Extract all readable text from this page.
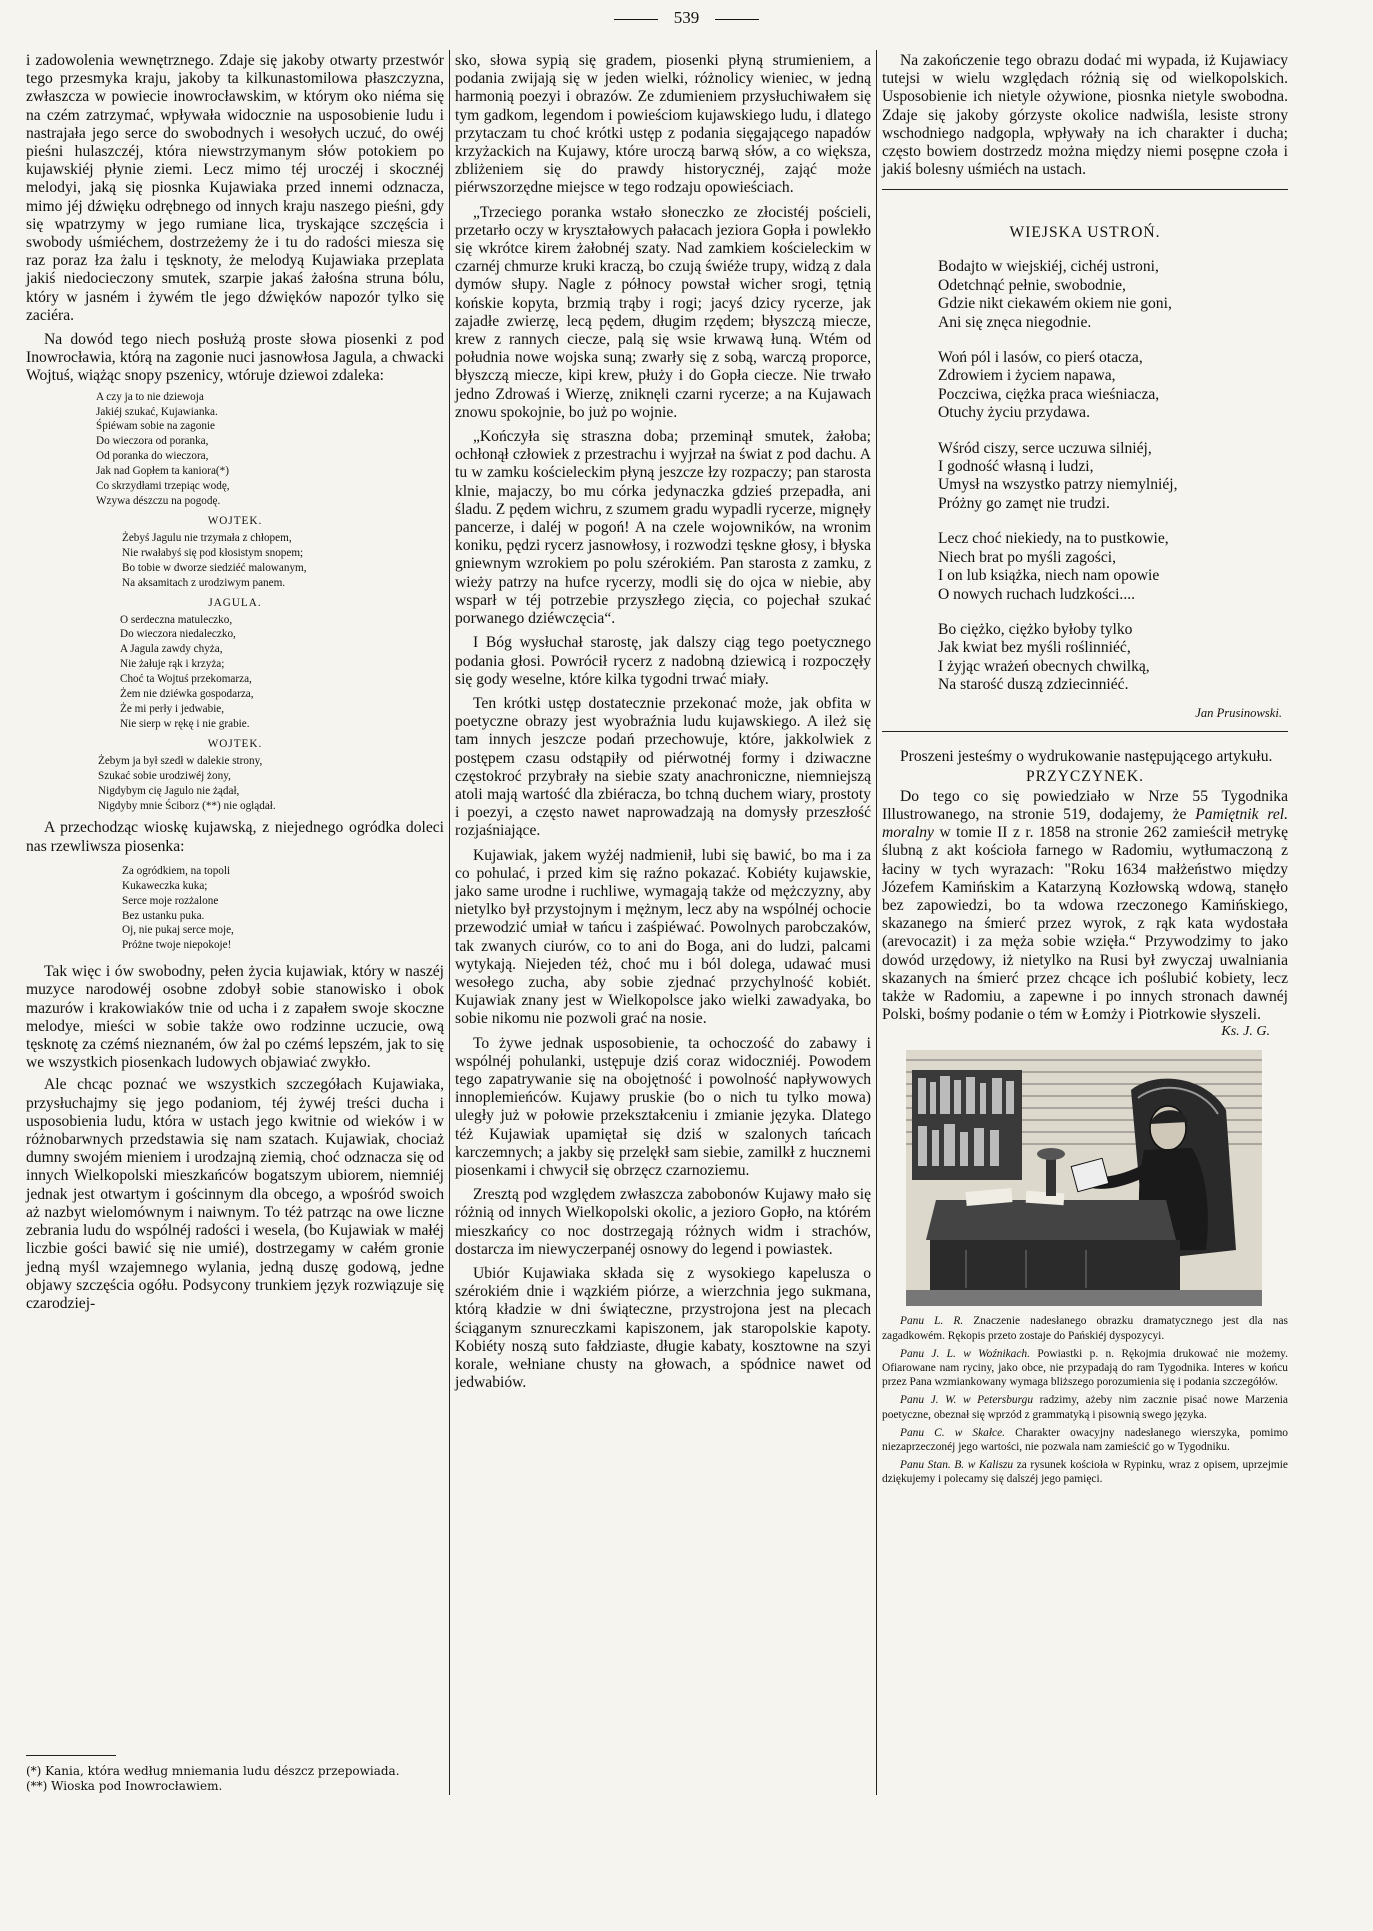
539

i zadowolenia wewnętrznego. Zdaje się jakoby otwarty przestwór tego przesmyka kraju, jakoby ta kilkunastomilowa płaszczyzna, zwłaszcza w powiecie inowrocławskim, w którym oko niéma się na czém zatrzymać, wpływała widocznie na usposobienie ludu i nastrajała jego serce do swobodnych i wesołych uczuć, do owéj pieśni hulaszczéj, która niewstrzymanym słów potokiem po kujawskiéj płynie ziemi. Lecz mimo téj uroczéj i skocznéj melodyi, jaką się piosnka Kujawiaka przed innemi odznacza, mimo jéj dźwięku odrębnego od innych kraju naszego pieśni, gdy się wpatrzymy w jego rumiane lica, tryskające szczęścia i swobody uśmiéchem, dostrzeżemy że i tu do radości miesza się raz poraz łza żalu i tęsknoty, że melodyą Kujawiaka przeplata jakiś niedocieczony smutek, szarpie jakaś żałośna struna bólu, który w jasném i żywém tle jego dźwięków napozór tylko się zaciéra.

Na dowód tego niech posłużą proste słowa piosenki z pod Inowrocławia, którą na zagonie nuci jasnowłosa Jagula, a chwacki Wojtuś, wiążąc snopy pszenicy, wtóruje dziewoi zdaleka:

A czy ja to nie dziewoja
Jakiéj szukać, Kujawianka.
Śpiéwam sobie na zagonie
Do wieczora od poranka,
Od poranka do wieczora,
Jak nad Gopłem ta kaniora(*)
Co skrzydłami trzepiąc wodę,
Wzywa dészczu na pogodę.
WOJTEK.
Żebyś Jagulu nie trzymała z chłopem,
Nie rwałabyś się pod kłosistym snopem;
Bo tobie w dworze siedziéć malowanym,
Na aksamitach z urodziwym panem.
JAGULA.
O serdeczna matuleczko,
Do wieczora niedaleczko,
A Jagula zawdy chyża,
Nie żałuje rąk i krzyża;
Choć ta Wojtuś przekomarza,
Żem nie dziéwka gospodarza,
Że mi perły i jedwabie,
Nie sierp w rękę i nie grabie.
WOJTEK.
Żebym ja był szedł w dalekie strony,
Szukać sobie urodziwéj żony,
Nigdybym cię Jagulo nie żądał,
Nigdyby mnie Ściborz (**) nie oglądał.

A przechodząc wioskę kujawską, z niejednego ogródka doleci nas rzewliwsza piosenka:

Za ogródkiem, na topoli
Kukaweczka kuka;
Serce moje rozżalone
Bez ustanku puka.
Oj, nie pukaj serce moje,
Próżne twoje niepokoje!

Tak więc i ów swobodny, pełen życia kujawiak, który w naszéj muzyce narodowéj osobne zdobył sobie stanowisko i obok mazurów i krakowiaków tnie od ucha i z zapałem swoje skoczne melodye, mieści w sobie także owo rodzinne uczucie, ową tęsknotę za czémś nieznaném, ów żal po czémś lepszém, jak to się we wszystkich piosenkach ludowych objawiać zwykło.

Ale chcąc poznać we wszystkich szczegółach Kujawiaka, przysłuchajmy się jego podaniom, téj żywéj treści ducha i usposobienia ludu, która w ustach jego kwitnie od wieków i w różnobarwnych przedstawia się nam szatach. Kujawiak, chociaż dumny swojém mieniem i urodzajną ziemią, choć odznacza się od innych Wielkopolski mieszkańców bogatszym ubiorem, niemniéj jednak jest otwartym i gościnnym dla obcego, a wpośród swoich aż nazbyt wielomównym i naiwnym. To téż patrząc na owe liczne zebrania ludu do wspólnéj radości i wesela, (bo Kujawiak w małéj liczbie gości bawić się nie umié), dostrzegamy w całém gronie jedną myśl wzajemnego wylania, jedną duszę godową, jedne objawy szczęścia ogółu. Podsycony trunkiem język rozwiązuje się czarodziej-

(*) Kania, która według mniemania ludu dészcz przepowiada.
(**) Wioska pod Inowrocławiem.

sko, słowa sypią się gradem, piosenki płyną strumieniem, a podania zwijają się w jeden wielki, różnolicy wieniec, w jedną harmonią poezyi i obrazów. Ze zdumieniem przysłuchiwałem się tym gadkom, legendom i powieściom kujawskiego ludu, i dlatego przytaczam tu choć krótki ustęp z podania sięgającego napadów krzyżackich na Kujawy, które uroczą barwą słów, a co większa, zbliżeniem się do prawdy historycznéj, zająć może piérwszorzędne miejsce w tego rodzaju opowieściach.

„Trzeciego poranka wstało słoneczko ze złocistéj pościeli, przetarło oczy w kryształowych pałacach jeziora Gopła i powlekło się wkrótce kirem żałobnéj szaty. Nad zamkiem kościeleckim w czarnéj chmurze kruki kraczą, bo czują świéże trupy, widzą z dala dymów słupy. Nagle z północy powstał wicher srogi, tętnią końskie kopyta, brzmią trąby i rogi; jacyś dzicy rycerze, jak zajadłe zwierzę, lecą pędem, długim rzędem; błyszczą miecze, krew z rannych ciecze, palą się wsie krwawą łuną. Wtém od południa nowe wojska suną; zwarły się z sobą, warczą proporce, błyszczą miecze, kipi krew, płuży i do Gopła ciecze. Nie trwało jedno Zdrowaś i Wierzę, zniknęli czarni rycerze; a na Kujawach znowu spokojnie, bo już po wojnie.

„Kończyła się straszna doba; przeminął smutek, żałoba; ochłonął człowiek z przestrachu i wyjrzał na świat z pod dachu. A tu w zamku kościeleckim płyną jeszcze łzy rozpaczy; pan starosta klnie, majaczy, bo mu córka jedynaczka gdzieś przepadła, ani śladu. Z pędem wichru, z szumem gradu wypadli rycerze, mignęły pancerze, i daléj w pogoń! A na czele wojowników, na wronim koniku, pędzi rycerz jasnowłosy, i rozwodzi tęskne głosy, i błyska gniewnym wzrokiem po polu szérokiém. Pan starosta z zamku, z wieży patrzy na hufce rycerzy, modli się do ojca w niebie, aby wsparł w téj potrzebie przyszłego zięcia, co pojechał szukać porwanego dziéwczęcia“.

I Bóg wysłuchał starostę, jak dalszy ciąg tego poetycznego podania głosi. Powrócił rycerz z nadobną dziewicą i rozpoczęły się gody weselne, które kilka tygodni trwać miały.

Ten krótki ustęp dostatecznie przekonać może, jak obfita w poetyczne obrazy jest wyobraźnia ludu kujawskiego. A ileż się tam innych jeszcze podań przechowuje, które, jakkolwiek z postępem czasu odstąpiły od piérwotnéj formy i dziwaczne częstokroć przybrały na siebie szaty anachroniczne, niemniejszą atoli mają wartość dla zbiéracza, bo tchną duchem wiary, prostoty i poezyi, a często nawet naprowadzają na domysły przeszłość rozjaśniające.

Kujawiak, jakem wyżéj nadmienił, lubi się bawić, bo ma i za co pohulać, i przed kim się raźno pokazać. Kobiéty kujawskie, jako same urodne i ruchliwe, wymagają także od mężczyzny, aby nietylko był przystojnym i mężnym, lecz aby na wspólnéj ochocie przewodzić umiał w tańcu i zaśpiéwać. Powolnych parobczaków, tak zwanych ciurów, co to ani do Boga, ani do ludzi, palcami wytykają. Niejeden téż, choć mu i ból dolega, udawać musi wesołego zucha, aby sobie zjednać przychylność kobiét. Kujawiak znany jest w Wielkopolsce jako wielki zawadyaka, bo sobie nikomu nie pozwoli grać na nosie.

To żywe jednak usposobienie, ta ochoczość do zabawy i wspólnéj pohulanki, ustępuje dziś coraz widoczniéj. Powodem tego zapatrywanie się na obojętność i powolność napływowych innoplemieńców. Kujawy pruskie (bo o nich tu tylko mowa) uległy już w połowie przekształceniu i zmianie języka. Dlatego téż Kujawiak upamiętał się dziś w szalonych tańcach karczemnych; a jakby się przelękł sam siebie, zamilkł z hucznemi piosenkami i chwycił się obrzęcz czarnoziemu.

Zresztą pod względem zwłaszcza zabobonów Kujawy mało się różnią od innych Wielkopolski okolic, a jezioro Gopło, na którém mieszkańcy co noc dostrzegają różnych widm i strachów, dostarcza im niewyczerpanéj osnowy do legend i powiastek.

Ubiór Kujawiaka składa się z wysokiego kapelusza o szérokiém dnie i wązkiém piórze, a wierzchnia jego sukmana, którą kładzie w dni świąteczne, przystrojona jest na plecach ściąganym sznureczkami kapiszonem, jak staropolskie kapoty. Kobiéty noszą suto fałdziaste, długie kabaty, kosztowne na szyi korale, wełniane chusty na głowach, a spódnice nawet od jedwabiów.

Na zakończenie tego obrazu dodać mi wypada, iż Kujawiacy tutejsi w wielu względach różnią się od wielkopolskich. Usposobienie ich nietyle ożywione, piosnka nietyle swobodna. Zdaje się jakoby górzyste okolice nadwiśla, lesiste strony wschodniego nadgopla, wpływały na ich charakter i ducha; często bowiem dostrzedz można między niemi posępne czoła i jakiś bolesny uśmiéch na ustach.

WIEJSKA USTROŃ.
Bodajto w wiejskiéj, cichéj ustroni,
Odetchnąć pełnie, swobodnie,
Gdzie nikt ciekawém okiem nie goni,
Ani się znęca niegodnie.
Woń pól i lasów, co pierś otacza,
Zdrowiem i życiem napawa,
Poczciwa, ciężka praca wieśniacza,
Otuchy życiu przydawa.
Wśród ciszy, serce uczuwa silniéj,
I godność własną i ludzi,
Umysł na wszystko patrzy niemylniéj,
Próżny go zamęt nie trudzi.
Lecz choć niekiedy, na to pustkowie,
Niech brat po myśli zagości,
I on lub książka, niech nam opowie
O nowych ruchach ludzkości....
Bo ciężko, ciężko byłoby tylko
Jak kwiat bez myśli roślinniéć,
I żyjąc wrażeń obecnych chwilką,
Na starość duszą zdziecinniéć.
Jan Prusinowski.

Proszeni jesteśmy o wydrukowanie następującego artykułu.

PRZYCZYNEK.

Do tego co się powiedziało w Nrze 55 Tygodnika Illustrowanego, na stronie 519, dodajemy, że Pamiętnik rel. moralny w tomie II z r. 1858 na stronie 262 zamieścił metrykę ślubną z akt kościoła farnego w Radomiu, wytłumaczoną z łaciny w tych wyrazach: "Roku 1634 małżeństwo między Józefem Kamińskim a Katarzyną Kozłowską wdową, stanęło bez zapowiedzi, bo ta wdowa rzeczonego Kamińskiego, skazanego na śmierć przez wyrok, z rąk kata wydostała (arevocazit) i za męża sobie wzięła.“ Przywodzimy to jako dowód urzędowy, iż nietylko na Rusi był zwyczaj uwalniania skazanych na śmierć przez chcące ich poślubić kobiety, lecz także w Radomiu, a zapewne i po innych stronach dawnéj Polski, bośmy podanie o tém w Łomży i Piotrkowie słyszeli.

Ks. J. G.

Panu L. R. Znaczenie nadesłanego obrazku dramatycznego jest dla nas zagadkowém. Rękopis przeto zostaje do Pańskiéj dyspozycyi.

Panu J. L. w Woźnikach. Powiastki p. n. Rękojmia drukować nie możemy. Ofiarowane nam ryciny, jako obce, nie przypadają do ram Tygodnika. Interes w końcu przez Pana wzmiankowany wymaga bliższego porozumienia się i podania szczegółów.

Panu J. W. w Petersburgu radzimy, ażeby nim zacznie pisać nowe Marzenia poetyczne, obeznał się wprzód z grammatyką i pisownią swego języka.

Panu C. w Skałce. Charakter owacyjny nadesłanego wierszyka, pomimo niezaprzeczonéj jego wartości, nie pozwala nam zamieścić go w Tygodniku.

Panu Stan. B. w Kaliszu za rysunek kościoła w Rypinku, wraz z opisem, uprzejmie dziękujemy i polecamy się dalszéj jego pamięci.
